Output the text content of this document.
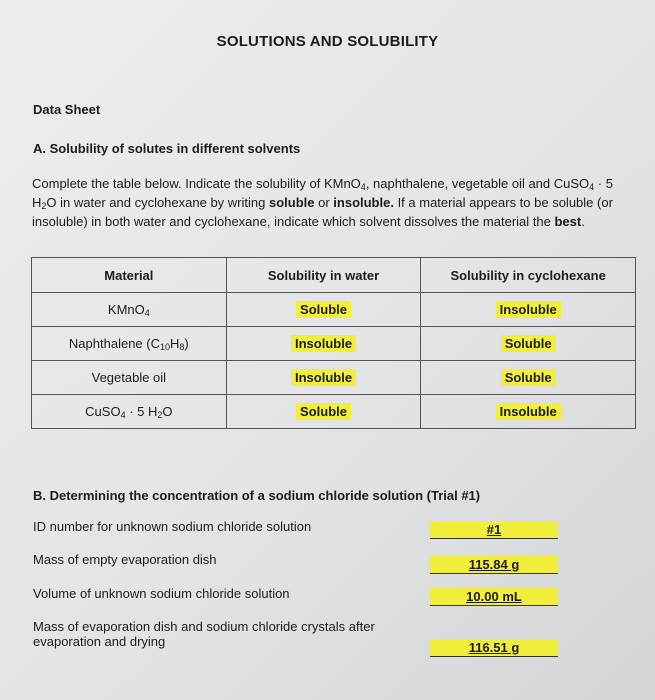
SOLUTIONS AND SOLUBILITY
Data Sheet
A. Solubility of solutes in different solvents
Complete the table below. Indicate the solubility of KMnO$_4$, naphthalene, vegetable oil and CuSO$_4$ · 5 $H_2O$ in water and cyclohexane by writing soluble or insoluble. If a material appears to be soluble (or insoluble) in both water and cyclohexane, indicate which solvent dissolves the material the best.
Material	Solubility in water	Solubility in cyclohexane
KMnO$_4$	Soluble	Insoluble
Naphthalene $(C_{10}H_8)$	Insoluble	Soluble
Vegetable oil	Insoluble	Soluble
CuSO$_4$ · 5 $H_2O$	Soluble	Insoluble
B. Determining the concentration of a sodium chloride solution (Trial #1)
ID number for unknown sodium chloride solution	#1
Mass of empty evaporation dish	115.84 g
Volume of unknown sodium chloride solution	10.00 mL
Mass of evaporation dish and sodium chloride crystals after evaporation and drying	116.51 g
